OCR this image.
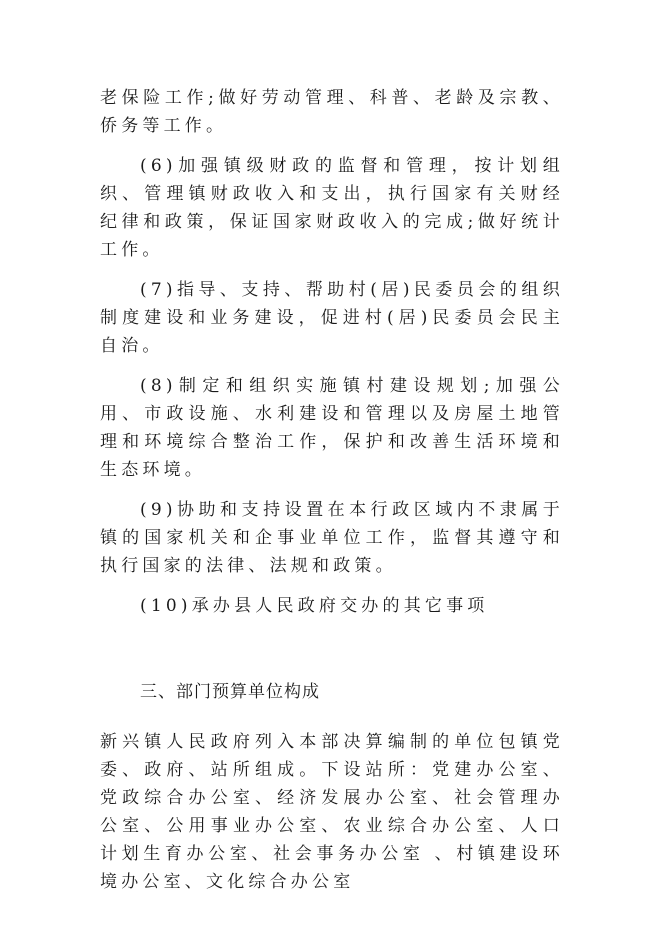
老保险工作;做好劳动管理、科普、老龄及宗教、侨务等工作。

(6)加强镇级财政的监督和管理，按计划组织、管理镇财政收入和支出，执行国家有关财经纪律和政策，保证国家财政收入的完成;做好统计工作。

(7)指导、支持、帮助村(居)民委员会的组织制度建设和业务建设，促进村(居)民委员会民主自治。

(8)制定和组织实施镇村建设规划;加强公用、市政设施、水利建设和管理以及房屋土地管理和环境综合整治工作，保护和改善生活环境和生态环境。

(9)协助和支持设置在本行政区域内不隶属于镇的国家机关和企事业单位工作，监督其遵守和执行国家的法律、法规和政策。

(10)承办县人民政府交办的其它事项

三、部门预算单位构成

新兴镇人民政府列入本部决算编制的单位包镇党委、政府、站所组成。下设站所：党建办公室、党政综合办公室、经济发展办公室、社会管理办公室、公用事业办公室、农业综合办公室、人口计划生育办公室、社会事务办公室 、村镇建设环境办公室、文化综合办公室
